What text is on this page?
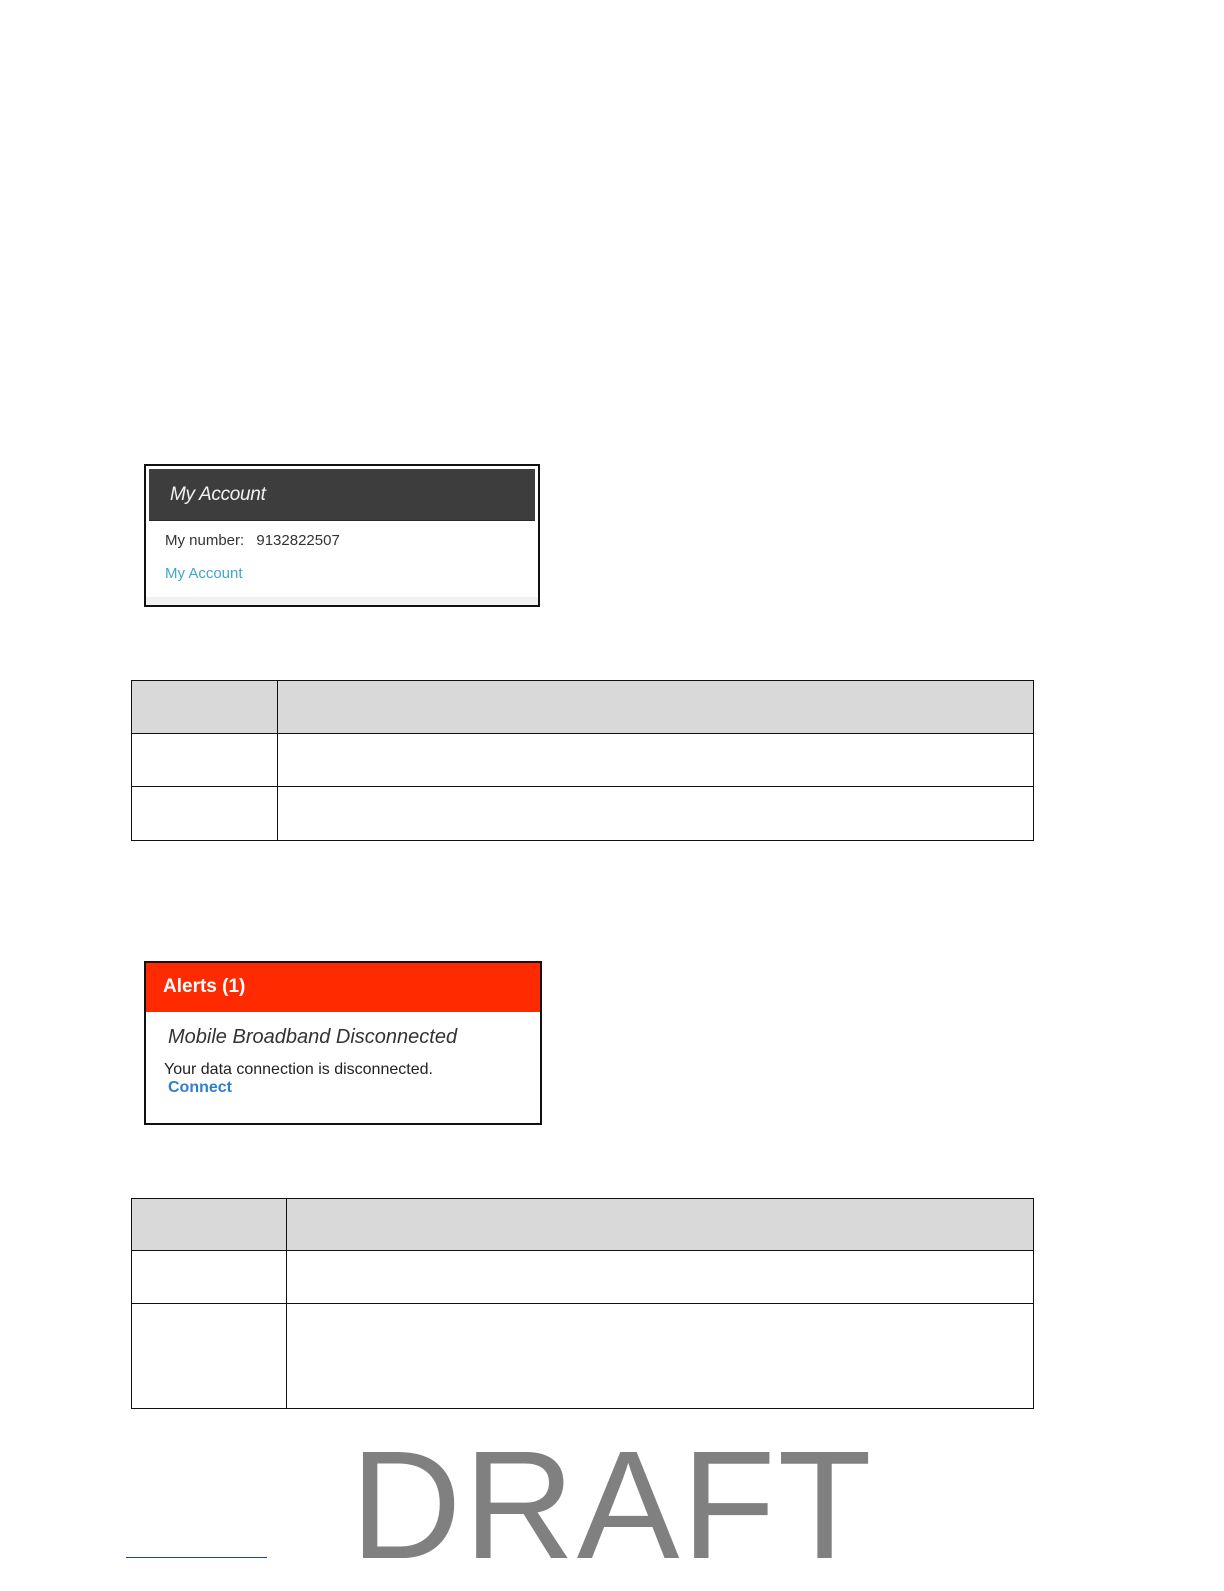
My Account
My number: 9132822507
My Account

Alerts (1)
Mobile Broadband Disconnected
Your data connection is disconnected.
Connect

DRAFT
